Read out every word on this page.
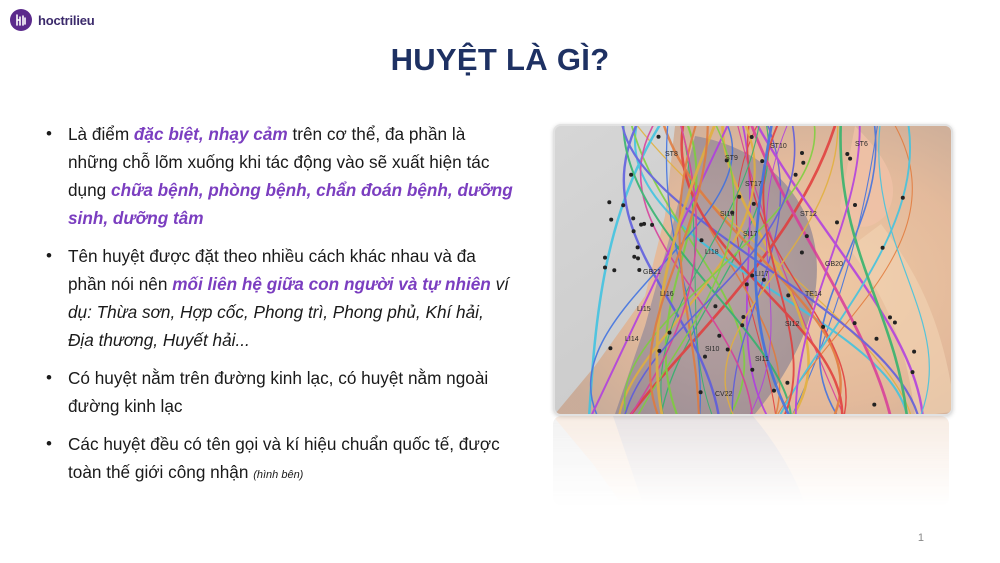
hoctrilieu
HUYỆT LÀ GÌ?
• Là điểm đặc biệt, nhạy cảm trên cơ thể, đa phần là những chỗ lõm xuống khi tác động vào sẽ xuất hiện tác dụng chữa bệnh, phòng bệnh, chẩn đoán bệnh, dưỡng sinh, dưỡng tâm
• Tên huyệt được đặt theo nhiều cách khác nhau và đa phần nói nên mối liên hệ giữa con người và tự nhiên ví dụ: Thừa sơn, Hợp cốc, Phong trì, Phong phủ, Khí hải, Địa thương, Huyết hải...
• Có huyệt nằm trên đường kinh lạc, có huyệt nằm ngoài đường kinh lạc
• Các huyệt đều có tên gọi và kí hiệu chuẩn quốc tế, được toàn thế giới công nhận (hình bên)
ST8
ST9
ST10
ST17
ST6
SI16
SI17
LI18
LI17
LI15
LI14
GB21
LI16
SI10
SI11
SI12
TE14
GB20
ST12
CV22
1
